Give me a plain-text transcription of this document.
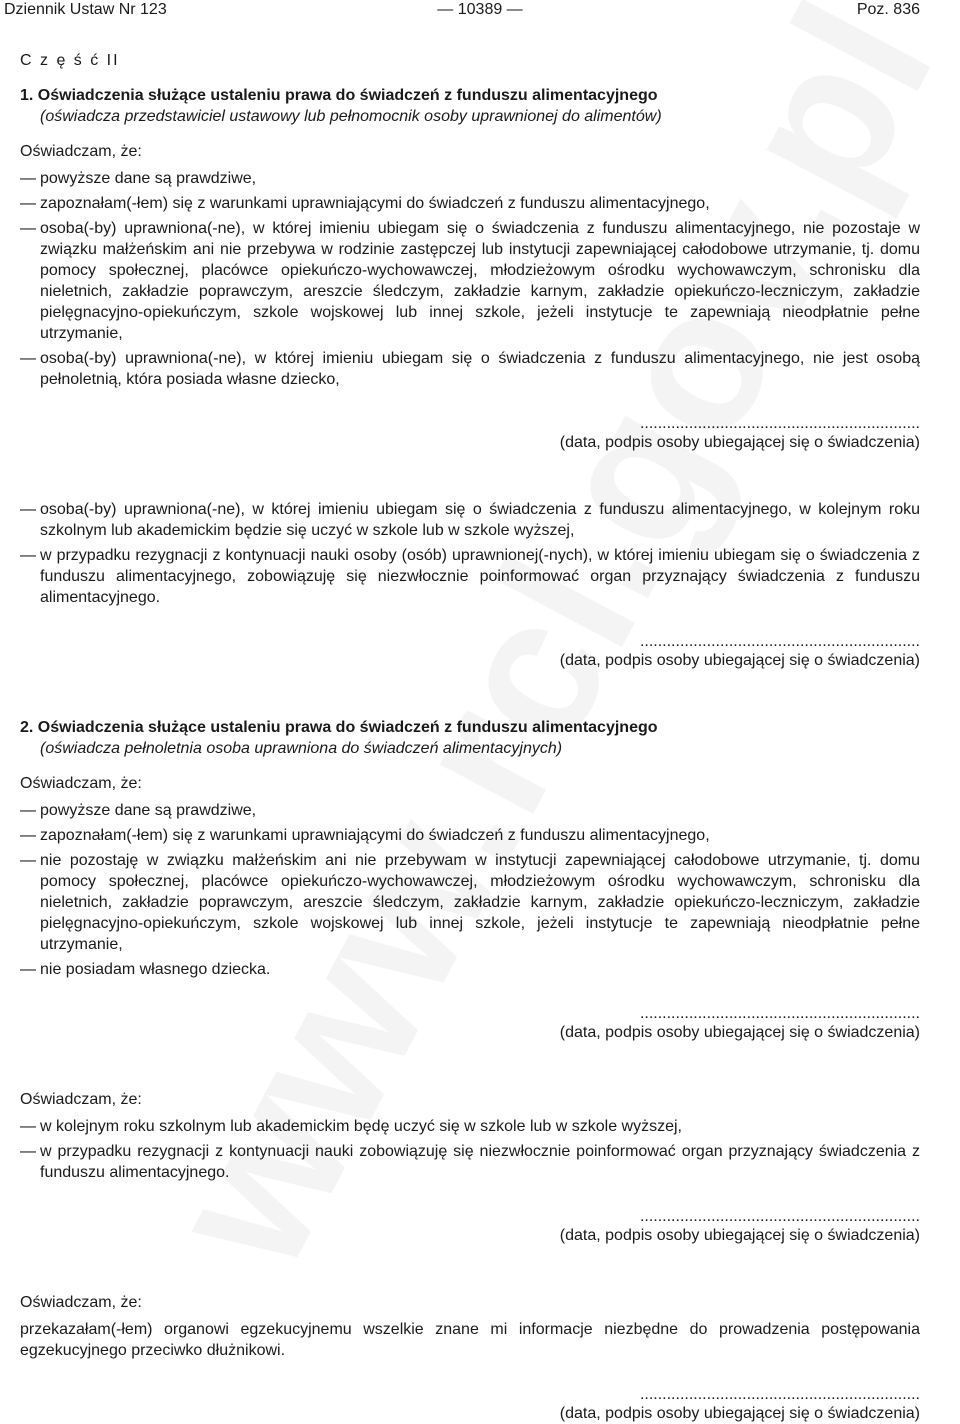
Dziennik Ustaw Nr 123	— 10389 —	Poz. 836
C z ę ś ć II
1. Oświadczenia służące ustaleniu prawa do świadczeń z funduszu alimentacyjnego
(oświadcza przedstawiciel ustawowy lub pełnomocnik osoby uprawnionej do alimentów)
Oświadczam, że:
— powyższe dane są prawdziwe,
— zapoznałam(-łem) się z warunkami uprawniającymi do świadczeń z funduszu alimentacyjnego,
— osoba(-by) uprawniona(-ne), w której imieniu ubiegam się o świadczenia z funduszu alimentacyjnego, nie pozostaje w związku małżeńskim ani nie przebywa w rodzinie zastępczej lub instytucji zapewniającej całodobowe utrzymanie, tj. domu pomocy społecznej, placówce opiekuńczo-wychowawczej, młodzieżowym ośrodku wychowawczym, schronisku dla nieletnich, zakładzie poprawczym, areszcie śledczym, zakładzie karnym, zakładzie opiekuńczo-leczniczym, zakładzie pielęgnacyjno-opiekuńczym, szkole wojskowej lub innej szkole, jeżeli instytucje te zapewniają nieodpłatnie pełne utrzymanie,
— osoba(-by) uprawniona(-ne), w której imieniu ubiegam się o świadczenia z funduszu alimentacyjnego, nie jest osobą pełnoletnią, która posiada własne dziecko,
...............................................................
(data, podpis osoby ubiegającej się o świadczenia)
— osoba(-by) uprawniona(-ne), w której imieniu ubiegam się o świadczenia z funduszu alimentacyjnego, w kolejnym roku szkolnym lub akademickim będzie się uczyć w szkole lub w szkole wyższej,
— w przypadku rezygnacji z kontynuacji nauki osoby (osób) uprawnionej(-nych), w której imieniu ubiegam się o świadczenia z funduszu alimentacyjnego, zobowiązuję się niezwłocznie poinformować organ przyznający świadczenia z funduszu alimentacyjnego.
...............................................................
(data, podpis osoby ubiegającej się o świadczenia)
2. Oświadczenia służące ustaleniu prawa do świadczeń z funduszu alimentacyjnego
(oświadcza pełnoletnia osoba uprawniona do świadczeń alimentacyjnych)
Oświadczam, że:
— powyższe dane są prawdziwe,
— zapoznałam(-łem) się z warunkami uprawniającymi do świadczeń z funduszu alimentacyjnego,
— nie pozostaję w związku małżeńskim ani nie przebywam w instytucji zapewniającej całodobowe utrzymanie, tj. domu pomocy społecznej, placówce opiekuńczo-wychowawczej, młodzieżowym ośrodku wychowawczym, schronisku dla nieletnich, zakładzie poprawczym, areszcie śledczym, zakładzie karnym, zakładzie opiekuńczo-leczniczym, zakładzie pielęgnacyjno-opiekuńczym, szkole wojskowej lub innej szkole, jeżeli instytucje te zapewniają nieodpłatnie pełne utrzymanie,
— nie posiadam własnego dziecka.
...............................................................
(data, podpis osoby ubiegającej się o świadczenia)
Oświadczam, że:
— w kolejnym roku szkolnym lub akademickim będę uczyć się w szkole lub w szkole wyższej,
— w przypadku rezygnacji z kontynuacji nauki zobowiązuję się niezwłocznie poinformować organ przyznający świadczenia z funduszu alimentacyjnego.
...............................................................
(data, podpis osoby ubiegającej się o świadczenia)
Oświadczam, że:
przekazałam(-łem) organowi egzekucyjnemu wszelkie znane mi informacje niezbędne do prowadzenia postępowania egzekucyjnego przeciwko dłużnikowi.
...............................................................
(data, podpis osoby ubiegającej się o świadczenia)
